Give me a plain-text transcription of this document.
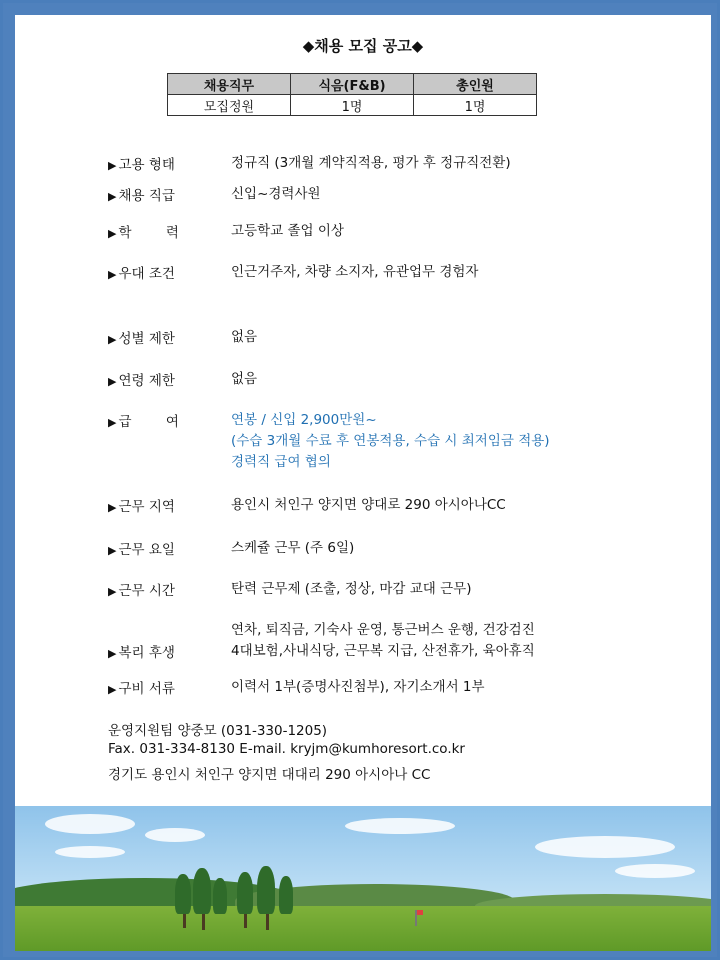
◆채용 모집 공고◆
채용직무	식음(F&B)	총인원
모집정원	1명	1명
▶ 고용 형태	정규직 (3개월 계약직적용, 평가 후 정규직전환)
▶ 채용 직급	신입~경력사원
▶ 학        력	고등학교 졸업 이상
▶ 우대 조건	인근거주자, 차량 소지자, 유관업무 경험자
▶ 성별 제한	없음
▶ 연령 제한	없음
▶ 급        여	연봉 / 신입 2,900만원~
(수습 3개월 수료 후 연봉적용, 수습 시 최저임금 적용)
경력직 급여 협의
▶ 근무 지역	용인시 처인구 양지면 양대로 290 아시아나CC
▶ 근무 요일	스케쥴 근무 (주 6일)
▶ 근무 시간	탄력 근무제 (조출, 정상, 마감 교대 근무)
▶ 복리 후생
연차, 퇴직금, 기숙사 운영, 통근버스 운행, 건강검진
4대보험,사내식당, 근무복 지급, 산전휴가, 육아휴직
▶ 구비 서류	이력서 1부(증명사진첨부), 자기소개서 1부
운영지원팀 양중모 (031-330-1205)
Fax. 031-334-8130 E-mail. kryjm@kumhoresort.co.kr
경기도 용인시 처인구 양지면 대대리 290 아시아나 CC
